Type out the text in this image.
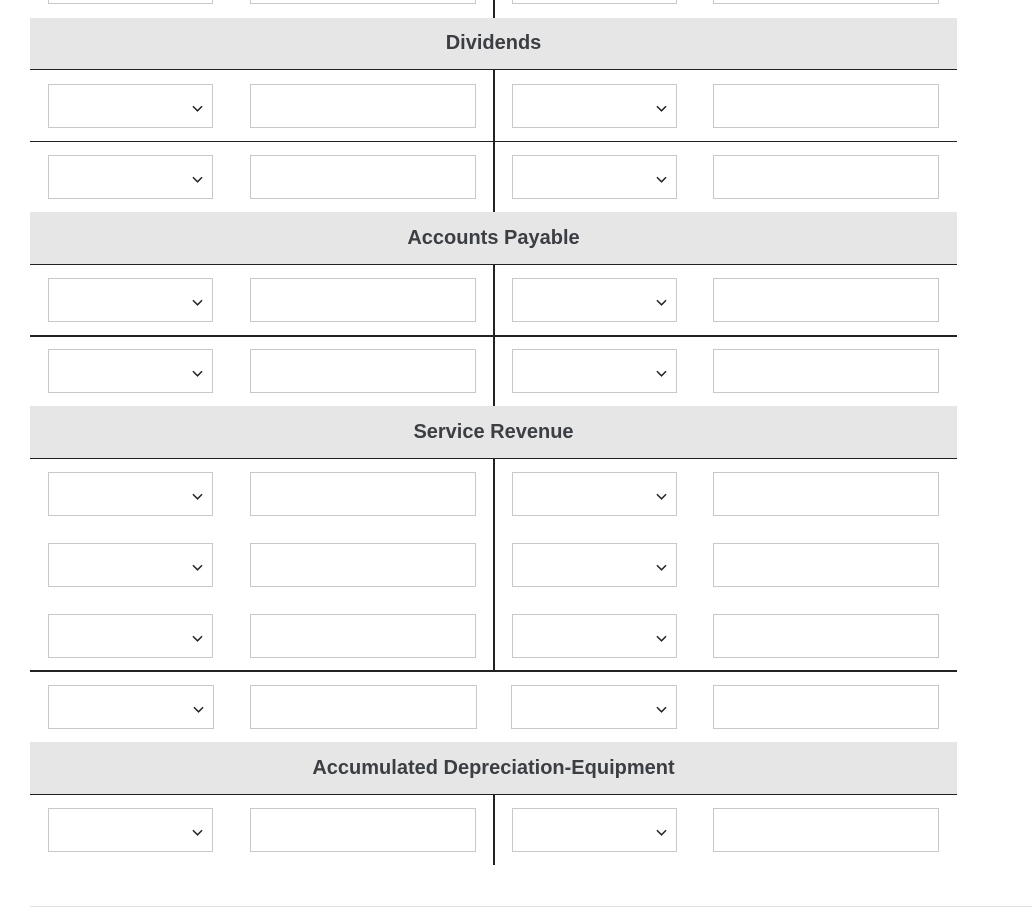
Dividends
Accounts Payable
Service Revenue
Accumulated Depreciation-Equipment
